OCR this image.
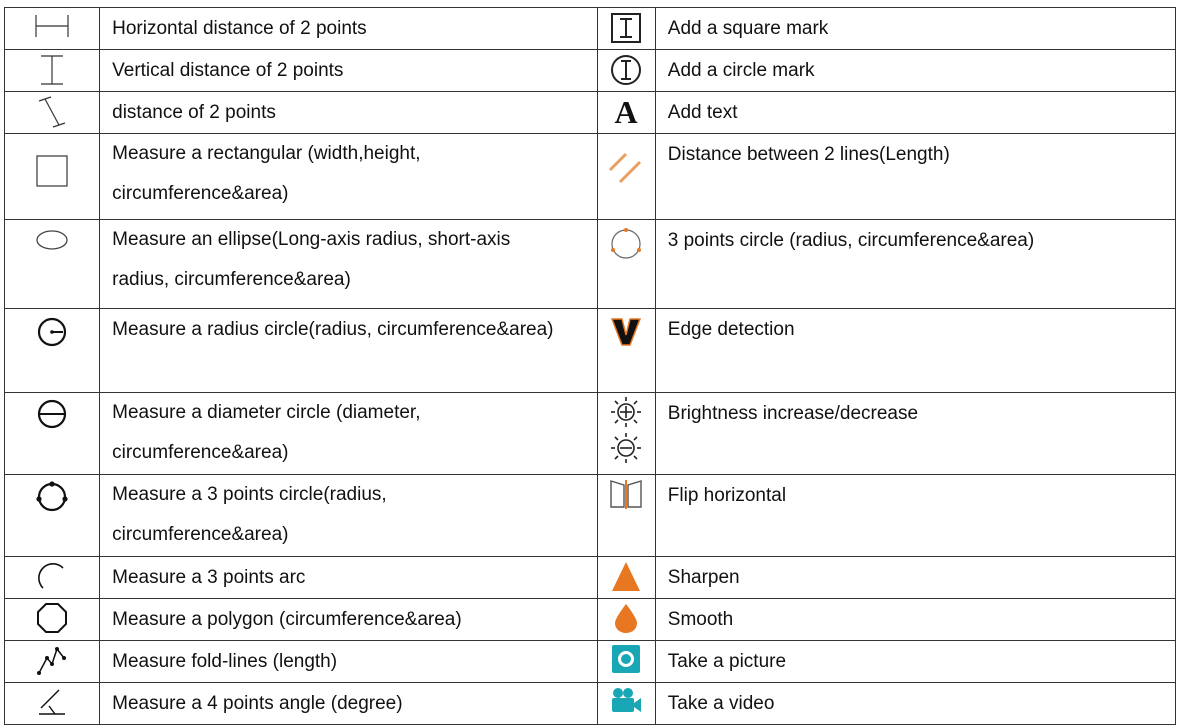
Horizontal distance of 2 points		Add a square mark

Vertical distance of 2 points		Add a circle mark

distance of 2 points	A	Add text

Measure a rectangular (width,height, circumference&area)		Distance between 2 lines(Length)

Measure an ellipse(Long-axis radius, short-axis radius, circumference&area)		3 points circle (radius, circumference&area)

Measure a radius circle(radius, circumference&area)		Edge detection

Measure a diameter circle (diameter, circumference&area)		Brightness increase/decrease

Measure a 3 points circle(radius, circumference&area)		Flip horizontal

Measure a 3 points arc		Sharpen

Measure a polygon (circumference&area)		Smooth

Measure fold-lines (length)		Take a picture

Measure a 4 points angle (degree)		Take a video
